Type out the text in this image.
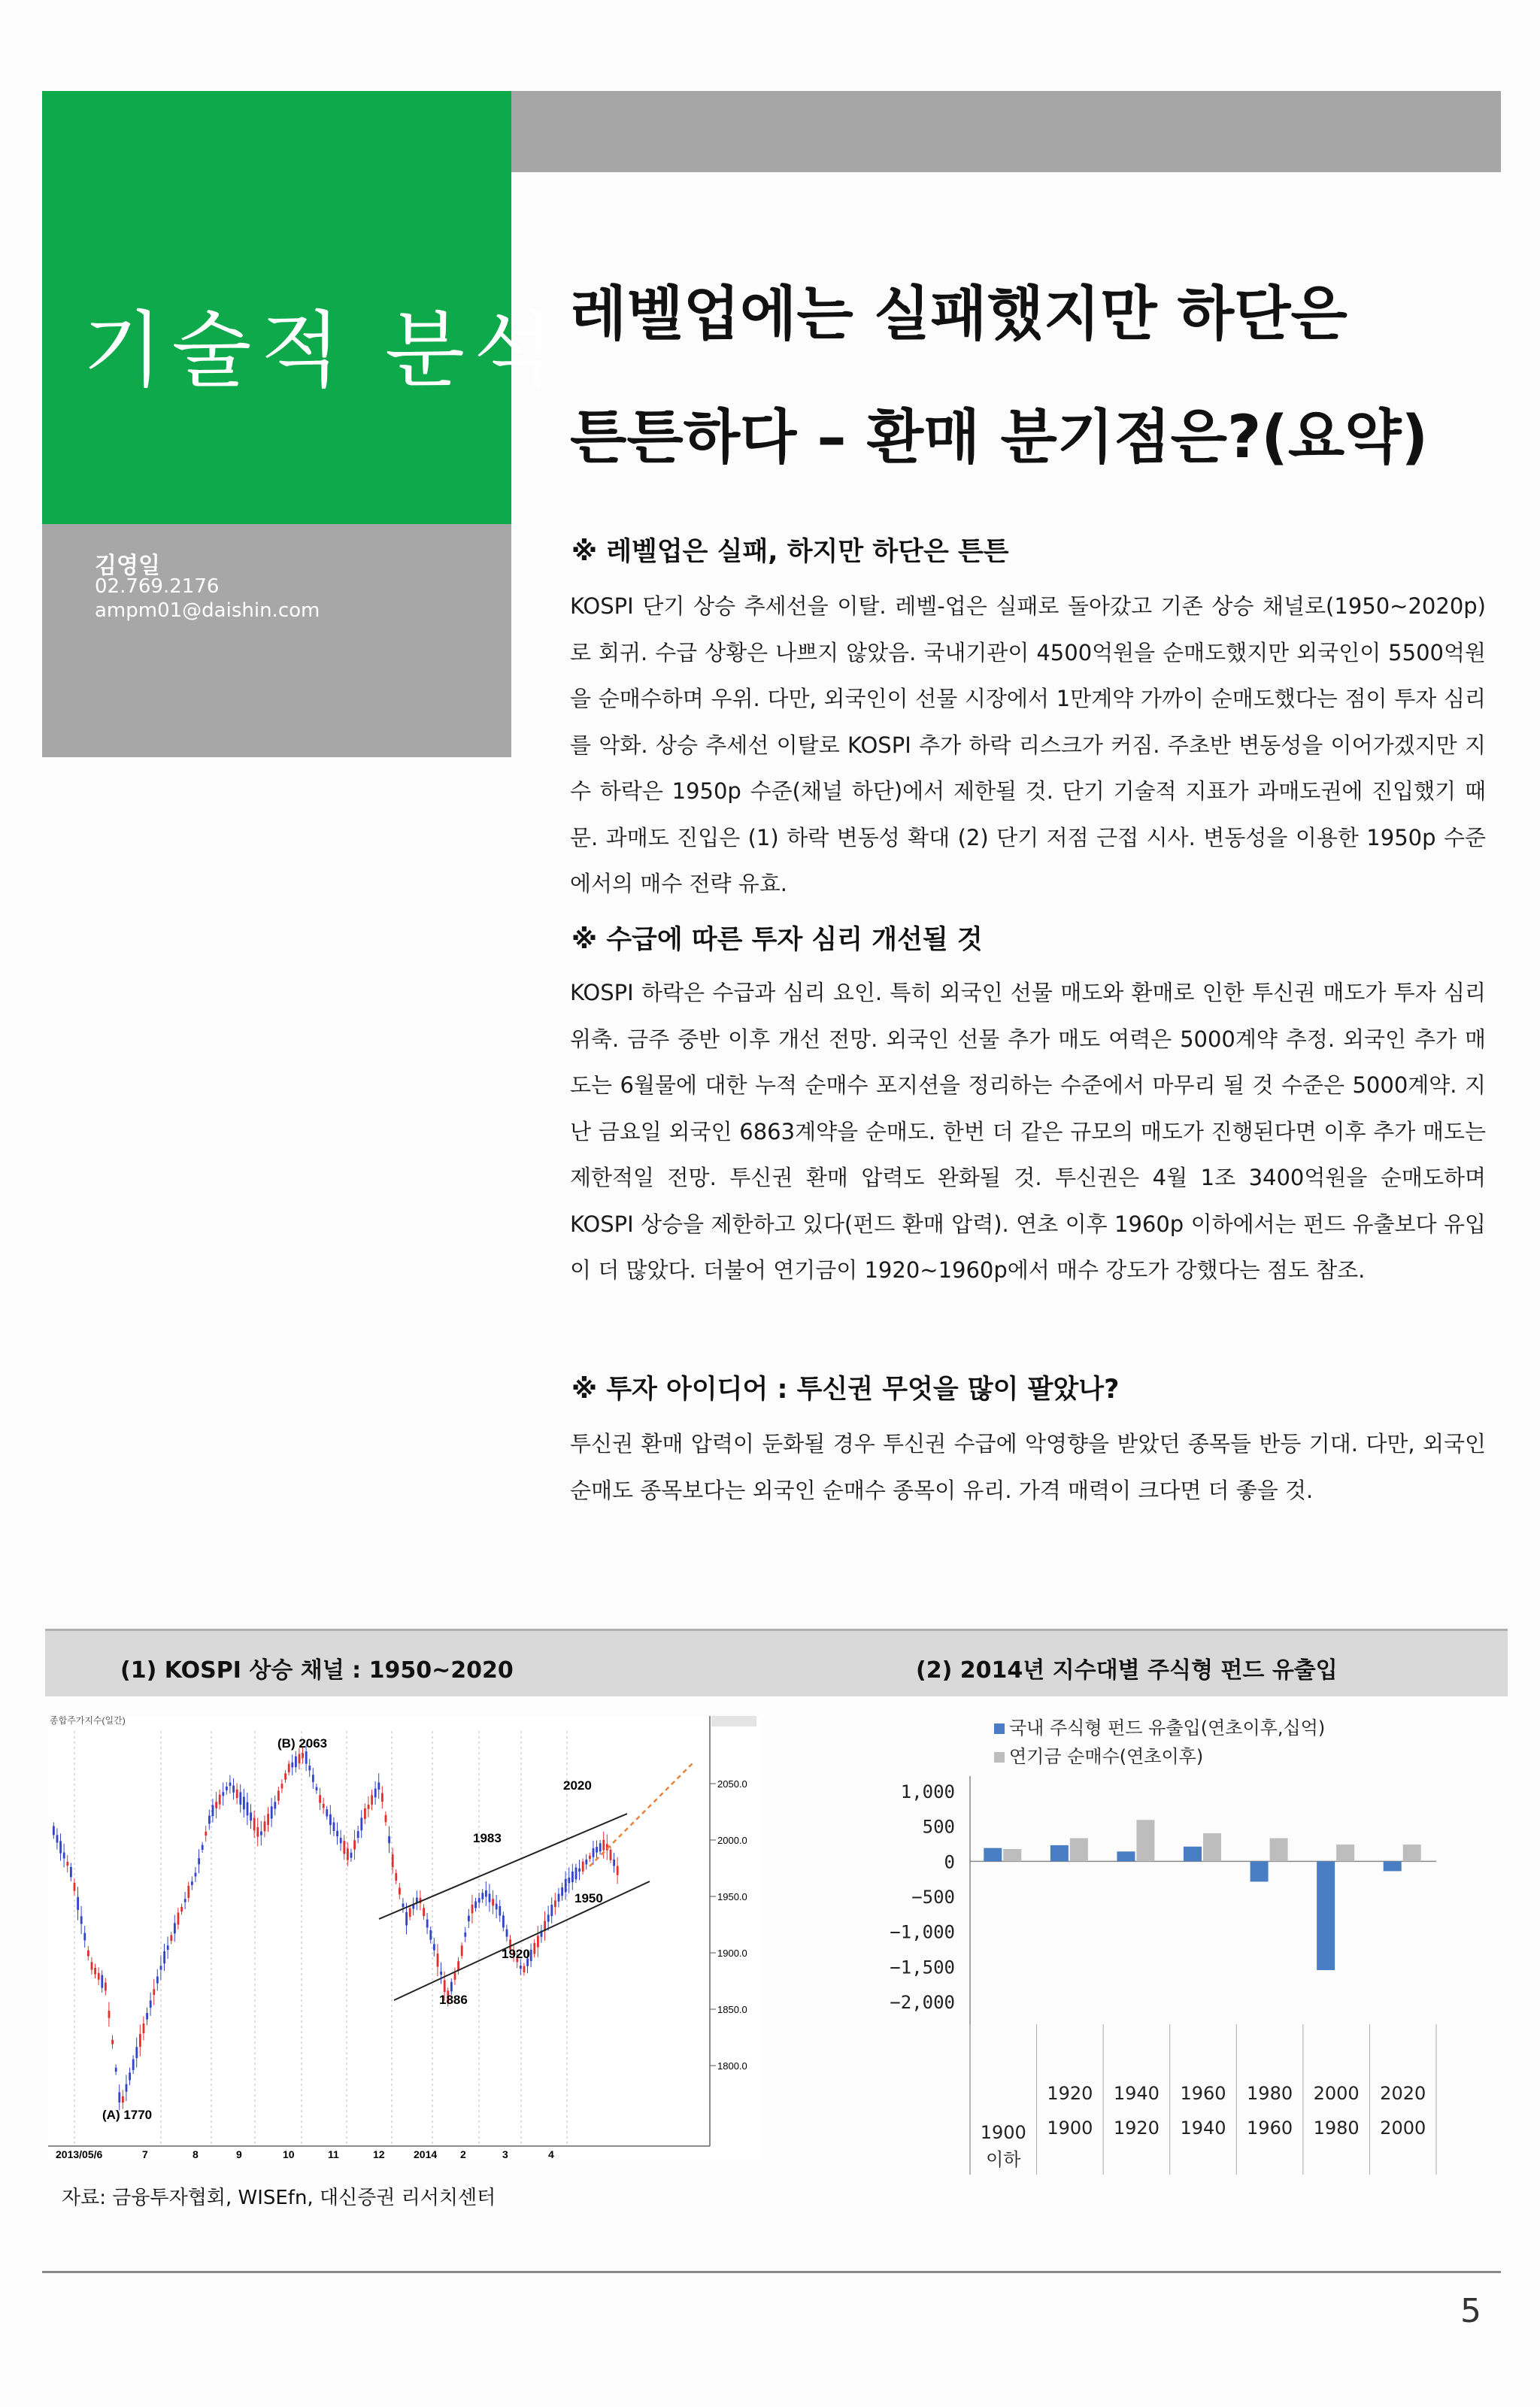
기술적 분석
김영일
02.769.2176
ampm01@daishin.com
레벨업에는 실패했지만 하단은
튼튼하다 – 환매 분기점은?(요약)
※ 레벨업은 실패, 하지만 하단은 튼튼
KOSPI 단기 상승 추세선을 이탈. 레벨-업은 실패로 돌아갔고 기존 상승 채널로(1950~2020p)로 회귀. 수급 상황은 나쁘지 않았음. 국내기관이 4500억원을 순매도했지만 외국인이 5500억원을 순매수하며 우위. 다만, 외국인이 선물 시장에서 1만계약 가까이 순매도했다는 점이 투자 심리를 악화. 상승 추세선 이탈로 KOSPI 추가 하락 리스크가 커짐. 주초반 변동성을 이어가겠지만 지수 하락은 1950p 수준(채널 하단)에서 제한될 것. 단기 기술적 지표가 과매도권에 진입했기 때문. 과매도 진입은 (1) 하락 변동성 확대 (2) 단기 저점 근접 시사. 변동성을 이용한 1950p 수준에서의 매수 전략 유효.
※ 수급에 따른 투자 심리 개선될 것
KOSPI 하락은 수급과 심리 요인. 특히 외국인 선물 매도와 환매로 인한 투신권 매도가 투자 심리 위축. 금주 중반 이후 개선 전망. 외국인 선물 추가 매도 여력은 5000계약 추정. 외국인 추가 매도는 6월물에 대한 누적 순매수 포지션을 정리하는 수준에서 마무리 될 것 수준은 5000계약. 지난 금요일 외국인 6863계약을 순매도. 한번 더 같은 규모의 매도가 진행된다면 이후 추가 매도는 제한적일 전망. 투신권 환매 압력도 완화될 것. 투신권은 4월 1조 3400억원을 순매도하며 KOSPI 상승을 제한하고 있다(펀드 환매 압력). 연초 이후 1960p 이하에서는 펀드 유출보다 유입이 더 많았다. 더불어 연기금이 1920~1960p에서 매수 강도가 강했다는 점도 참조.
※ 투자 아이디어 : 투신권 무엇을 많이 팔았나?
투신권 환매 압력이 둔화될 경우 투신권 수급에 악영향을 받았던 종목들 반등 기대. 다만, 외국인 순매도 종목보다는 외국인 순매수 종목이 유리. 가격 매력이 크다면 더 좋을 것.
(1) KOSPI 상승 채널 : 1950~2020	(2) 2014년 지수대별 주식형 펀드 유출입
종합주가지수(일간)
(B) 2063
1983
2020
1950
1920
1886
(A) 1770
2013/05/6	7	8	9	10	11	12	2014 2	3	4
2050.0
2000.0
1950.0
1900.0
1850.0
1800.0
1,000
500
0
−500
−1,000
−1,500
−2,000
1900
이하
1920
1900
1940
1920
1960
1940
1980
1960
2000
1980
2020
2000
국내 주식형 펀드 유출입(연초이후,십억)
연기금 순매수(연초이후)
자료: 금융투자협회, WISEfn, 대신증권 리서치센터
5
